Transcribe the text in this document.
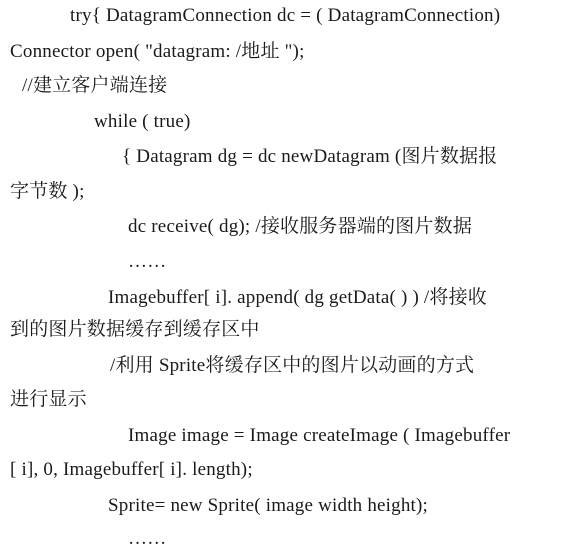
try{ DatagramConnection dc = ( DatagramConnection)
Connector open( "datagram: /地址 ");
//建立客户端连接
while ( true)
{ Datagram dg = dc newDatagram (图片数据报
字节数 );
dc receive( dg); /接收服务器端的图片数据
……
Imagebuffer[ i]. append( dg getData( ) ) /将接收
到的图片数据缓存到缓存区中
/利用 Sprite将缓存区中的图片以动画的方式
进行显示
Image image = Image createImage ( Imagebuffer
[ i], 0, Imagebuffer[ i]. length);
Sprite= new Sprite( image width height);
……
